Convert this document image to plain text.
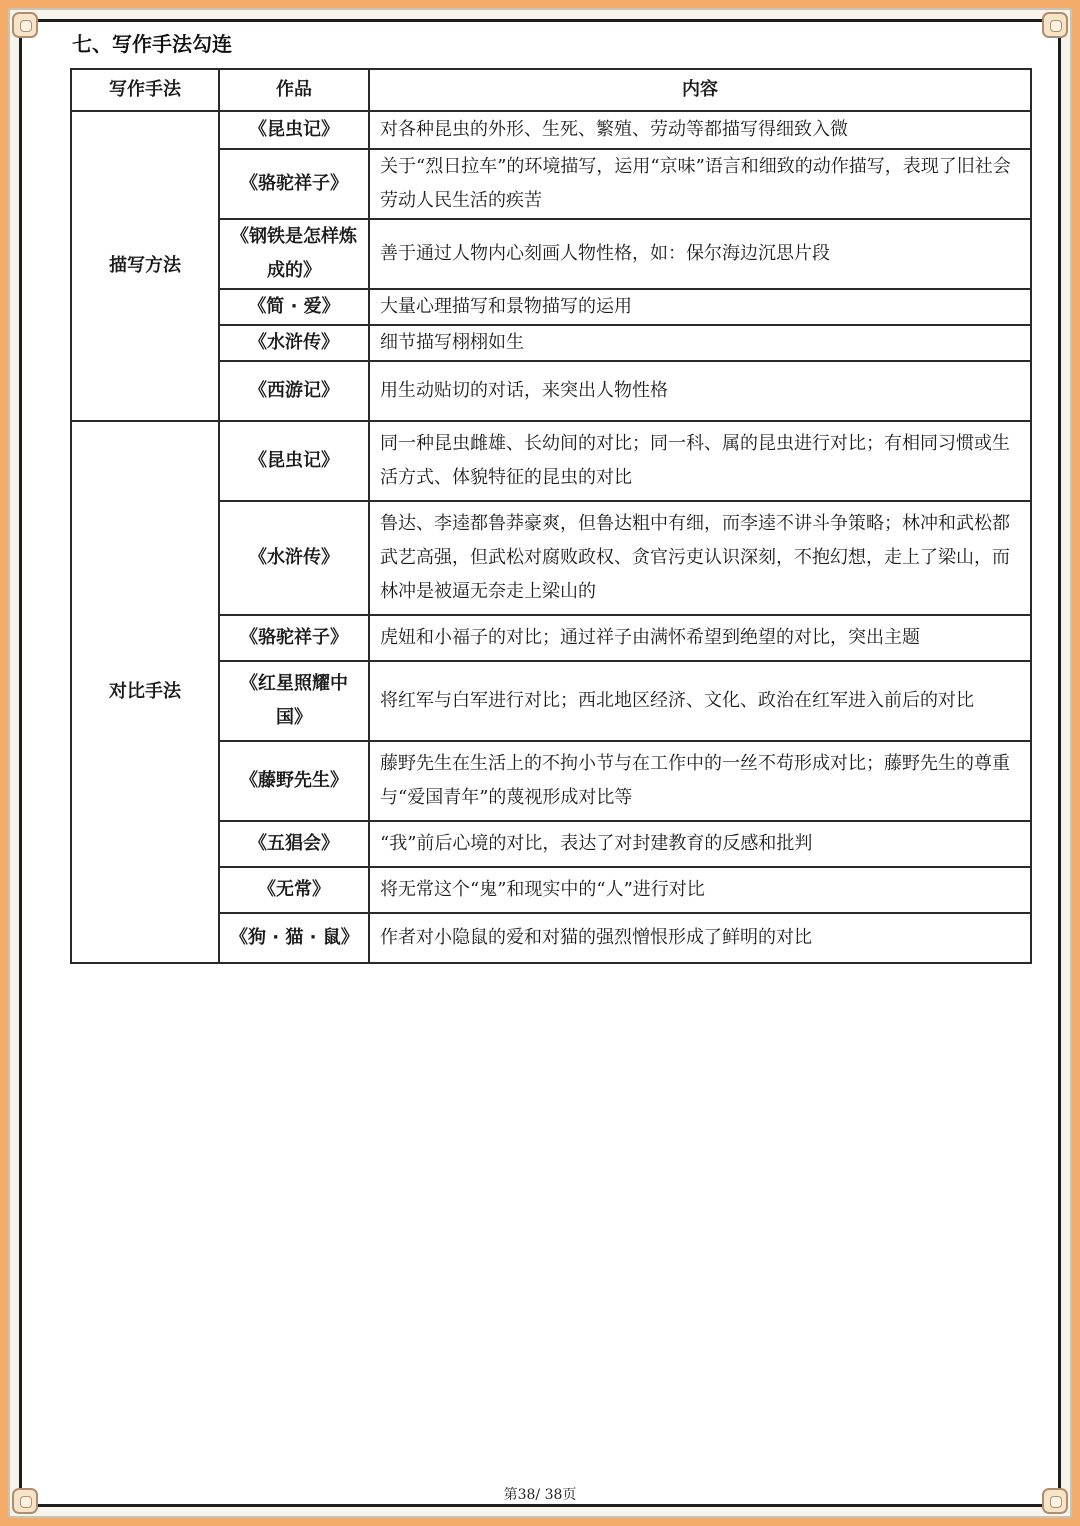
七、写作手法勾连
写作手法	作品	内容
描写方法	《昆虫记》	对各种昆虫的外形、生死、繁殖、劳动等都描写得细致入微
	《骆驼祥子》	关于“烈日拉车”的环境描写，运用“京味”语言和细致的动作描写，表现了旧社会劳动人民生活的疾苦
	《钢铁是怎样炼成的》	善于通过人物内心刻画人物性格，如：保尔海边沉思片段
	《简 · 爱》	大量心理描写和景物描写的运用
	《水浒传》	细节描写栩栩如生
	《西游记》	用生动贴切的对话，来突出人物性格
对比手法	《昆虫记》	同一种昆虫雌雄、长幼间的对比；同一科、属的昆虫进行对比；有相同习惯或生活方式、体貌特征的昆虫的对比
	《水浒传》	鲁达、李逵都鲁莽豪爽，但鲁达粗中有细，而李逵不讲斗争策略；林冲和武松都武艺高强，但武松对腐败政权、贪官污吏认识深刻，不抱幻想，走上了梁山，而林冲是被逼无奈走上梁山的
	《骆驼祥子》	虎妞和小福子的对比；通过祥子由满怀希望到绝望的对比，突出主题
	《红星照耀中国》	将红军与白军进行对比；西北地区经济、文化、政治在红军进入前后的对比
	《藤野先生》	藤野先生在生活上的不拘小节与在工作中的一丝不苟形成对比；藤野先生的尊重与“爱国青年”的蔑视形成对比等
	《五猖会》	“我”前后心境的对比，表达了对封建教育的反感和批判
	《无常》	将无常这个“鬼”和现实中的“人”进行对比
	《狗 · 猫 · 鼠》	作者对小隐鼠的爱和对猫的强烈憎恨形成了鲜明的对比
第38/ 38页
